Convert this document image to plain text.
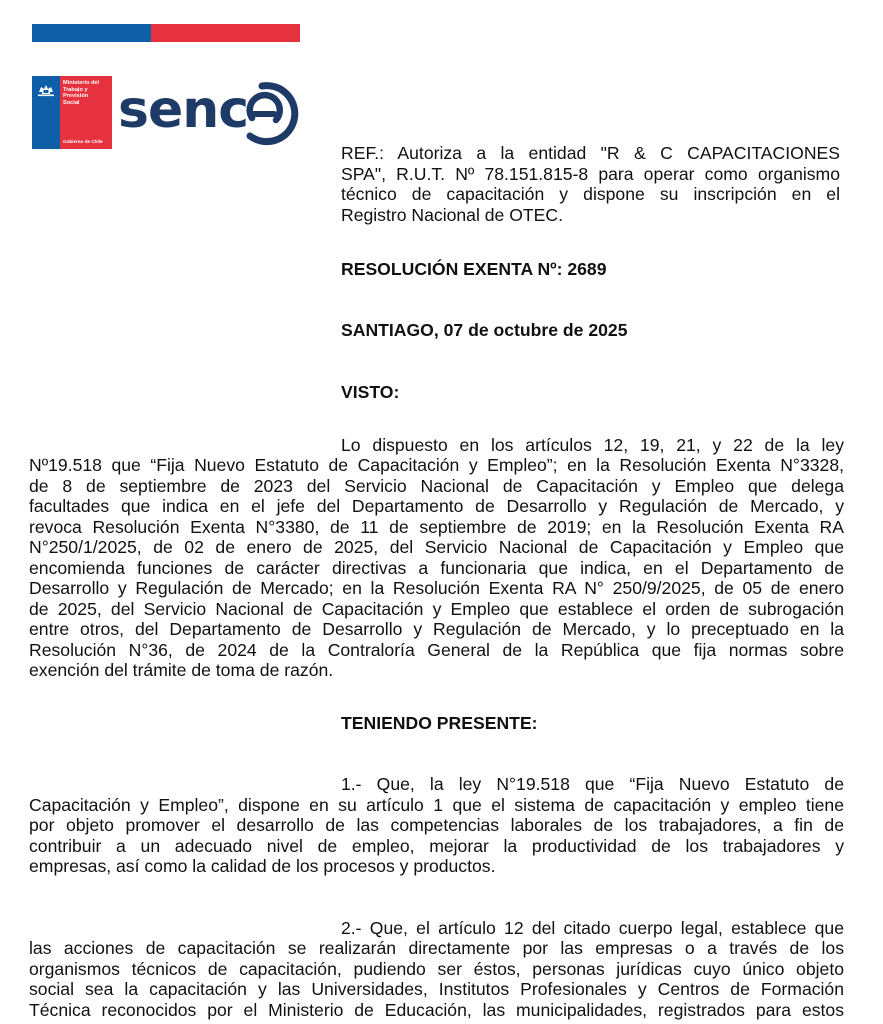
Ministerio del
Trabajo y
Previsión
Social
Gobierno de Chile
senc
e
REF.: Autoriza a la entidad "R & C CAPACITACIONES
SPA", R.U.T. Nº 78.151.815-8 para operar como organismo
técnico de capacitación y dispone su inscripción en el
Registro Nacional de OTEC.
RESOLUCIÓN EXENTA Nº: 2689
SANTIAGO, 07 de octubre de 2025
VISTO:
Lo dispuesto en los artículos 12, 19, 21, y 22 de la ley
Nº19.518 que “Fija Nuevo Estatuto de Capacitación y Empleo”; en la Resolución Exenta N°3328,
de 8 de septiembre de 2023 del Servicio Nacional de Capacitación y Empleo que delega
facultades que indica en el jefe del Departamento de Desarrollo y Regulación de Mercado, y
revoca Resolución Exenta N°3380, de 11 de septiembre de 2019; en la Resolución Exenta RA
N°250/1/2025, de 02 de enero de 2025, del Servicio Nacional de Capacitación y Empleo que
encomienda funciones de carácter directivas a funcionaria que indica, en el Departamento de
Desarrollo y Regulación de Mercado; en la Resolución Exenta RA N° 250/9/2025, de 05 de enero
de 2025, del Servicio Nacional de Capacitación y Empleo que establece el orden de subrogación
entre otros, del Departamento de Desarrollo y Regulación de Mercado, y lo preceptuado en la
Resolución N°36, de 2024 de la Contraloría General de la República que fija normas sobre
exención del trámite de toma de razón.
TENIENDO PRESENTE:
1.- Que, la ley N°19.518 que “Fija Nuevo Estatuto de
Capacitación y Empleo”, dispone en su artículo 1 que el sistema de capacitación y empleo tiene
por objeto promover el desarrollo de las competencias laborales de los trabajadores, a fin de
contribuir a un adecuado nivel de empleo, mejorar la productividad de los trabajadores y
empresas, así como la calidad de los procesos y productos.
2.- Que, el artículo 12 del citado cuerpo legal, establece que
las acciones de capacitación se realizarán directamente por las empresas o a través de los
organismos técnicos de capacitación, pudiendo ser éstos, personas jurídicas cuyo único objeto
social sea la capacitación y las Universidades, Institutos Profesionales y Centros de Formación
Técnica reconocidos por el Ministerio de Educación, las municipalidades, registrados para estos
